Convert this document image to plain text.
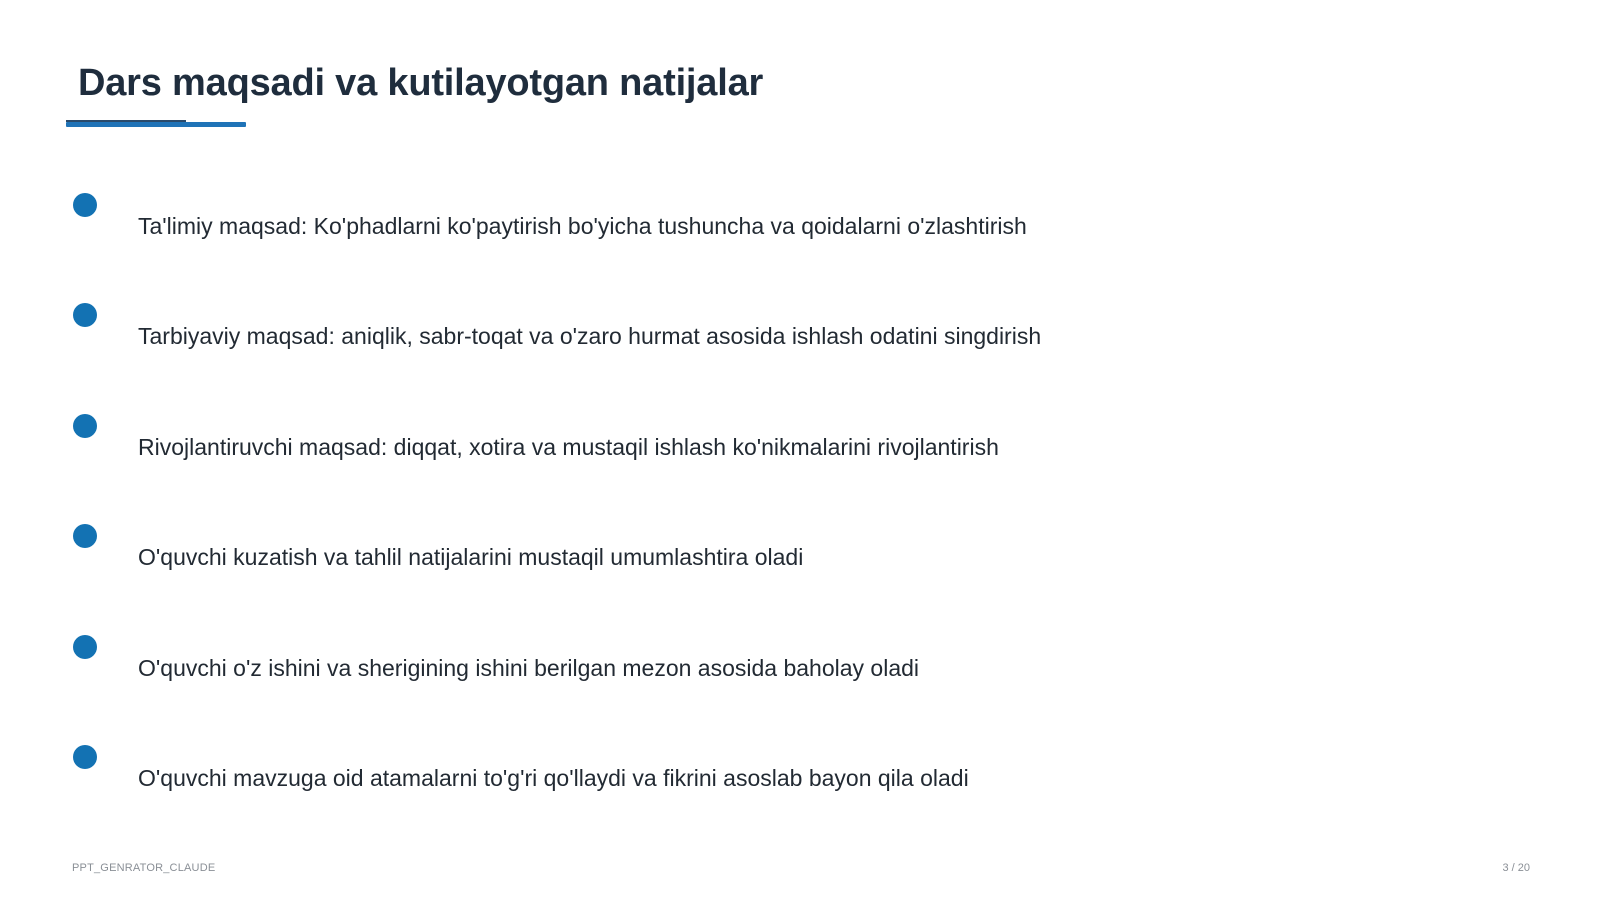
Dars maqsadi va kutilayotgan natijalar
Ta'limiy maqsad: Ko'phadlarni ko'paytirish bo'yicha tushuncha va qoidalarni o'zlashtirish
Tarbiyaviy maqsad: aniqlik, sabr-toqat va o'zaro hurmat asosida ishlash odatini singdirish
Rivojlantiruvchi maqsad: diqqat, xotira va mustaqil ishlash ko'nikmalarini rivojlantirish
O'quvchi kuzatish va tahlil natijalarini mustaqil umumlashtira oladi
O'quvchi o'z ishini va sherigining ishini berilgan mezon asosida baholay oladi
O'quvchi mavzuga oid atamalarni to'g'ri qo'llaydi va fikrini asoslab bayon qila oladi
PPT_GENRATOR_CLAUDE	3 / 20
